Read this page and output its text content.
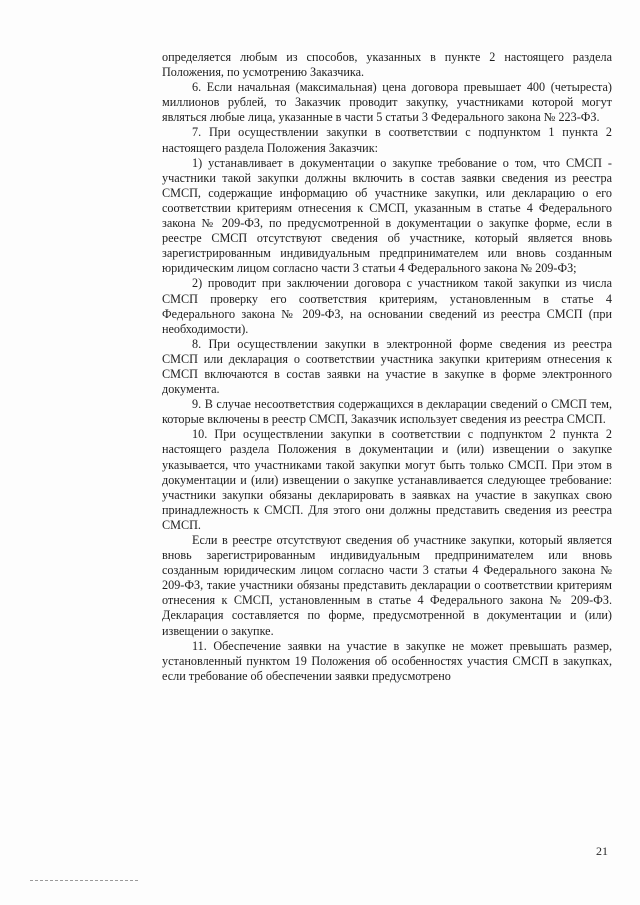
определяется любым из способов, указанных в пункте 2 настоящего раздела Положения, по усмотрению Заказчика.

6. Если начальная (максимальная) цена договора превышает 400 (четыреста) миллионов рублей, то Заказчик проводит закупку, участниками которой могут являться любые лица, указанные в части 5 статьи 3 Федерального закона № 223-ФЗ.

7. При осуществлении закупки в соответствии с подпунктом 1 пункта 2 настоящего раздела Положения Заказчик:

1) устанавливает в документации о закупке требование о том, что СМСП - участники такой закупки должны включить в состав заявки сведения из реестра СМСП, содержащие информацию об участнике закупки, или декларацию о его соответствии критериям отнесения к СМСП, указанным в статье 4 Федерального закона № 209-ФЗ, по предусмотренной в документации о закупке форме, если в реестре СМСП отсутствуют сведения об участнике, который является вновь зарегистрированным индивидуальным предпринимателем или вновь созданным юридическим лицом согласно части 3 статьи 4 Федерального закона № 209-ФЗ;

2) проводит при заключении договора с участником такой закупки из числа СМСП проверку его соответствия критериям, установленным в статье 4 Федерального закона № 209-ФЗ, на основании сведений из реестра СМСП (при необходимости).

8. При осуществлении закупки в электронной форме сведения из реестра СМСП или декларация о соответствии участника закупки критериям отнесения к СМСП включаются в состав заявки на участие в закупке в форме электронного документа.

9. В случае несоответствия содержащихся в декларации сведений о СМСП тем, которые включены в реестр СМСП, Заказчик использует сведения из реестра СМСП.

10. При осуществлении закупки в соответствии с подпунктом 2 пункта 2 настоящего раздела Положения в документации и (или) извещении о закупке указывается, что участниками такой закупки могут быть только СМСП. При этом в документации и (или) извещении о закупке устанавливается следующее требование: участники закупки обязаны декларировать в заявках на участие в закупках свою принадлежность к СМСП. Для этого они должны представить сведения из реестра СМСП.

Если в реестре отсутствуют сведения об участнике закупки, который является вновь зарегистрированным индивидуальным предпринимателем или вновь созданным юридическим лицом согласно части 3 статьи 4 Федерального закона № 209-ФЗ, такие участники обязаны представить декларации о соответствии критериям отнесения к СМСП, установленным в статье 4 Федерального закона № 209-ФЗ. Декларация составляется по форме, предусмотренной в документации и (или) извещении о закупке.

11. Обеспечение заявки на участие в закупке не может превышать размер, установленный пунктом 19 Положения об особенностях участия СМСП в закупках, если требование об обеспечении заявки предусмотрено

21
